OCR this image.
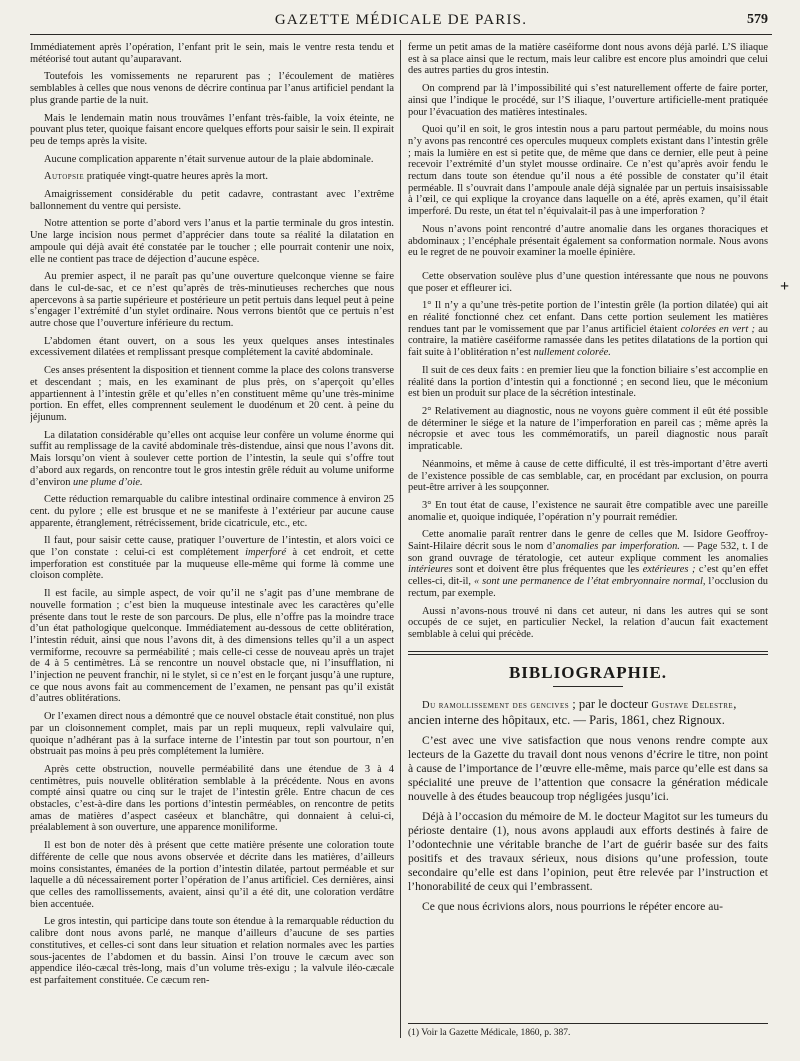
GAZETTE MÉDICALE DE PARIS.	579

Immédiatement après l’opération, l’enfant prit le sein, mais le ventre resta tendu et météorisé tout autant qu’auparavant.

Toutefois les vomissements ne reparurent pas ; l’écoulement de matières semblables à celles que nous venons de décrire continua par l’anus artificiel pendant la plus grande partie de la nuit.

Mais le lendemain matin nous trouvâmes l’enfant très-faible, la voix éteinte, ne pouvant plus teter, quoique faisant encore quelques efforts pour saisir le sein. Il expirait peu de temps après la visite.

Aucune complication apparente n’était survenue autour de la plaie abdominale.

Autopsie pratiquée vingt-quatre heures après la mort.

Amaigrissement considérable du petit cadavre, contrastant avec l’extrême ballonnement du ventre qui persiste.

Notre attention se porte d’abord vers l’anus et la partie terminale du gros intestin. Une large incision nous permet d’apprécier dans toute sa réalité la dilatation en ampoule qui déjà avait été constatée par le toucher ; elle pourrait contenir une noix, elle ne contient pas trace de déjection d’aucune espèce.

Au premier aspect, il ne paraît pas qu’une ouverture quelconque vienne se faire dans le cul-de-sac, et ce n’est qu’après de très-minutieuses recherches que nous apercevons à sa partie supérieure et postérieure un petit pertuis dans lequel peut à peine s’engager l’extrémité d’un stylet ordinaire. Nous verrons bientôt que ce pertuis n’est autre chose que l’ouverture inférieure du rectum.

L’abdomen étant ouvert, on a sous les yeux quelques anses intestinales excessivement dilatées et remplissant presque complétement la cavité abdominale.

Ces anses présentent la disposition et tiennent comme la place des colons transverse et descendant ; mais, en les examinant de plus près, on s’aperçoit qu’elles appartiennent à l’intestin grêle et qu’elles n’en constituent même qu’une très-minime portion. En effet, elles comprennent seulement le duodénum et 20 cent. à peine du jéjunum.

La dilatation considérable qu’elles ont acquise leur confère un volume énorme qui suffit au remplissage de la cavité abdominale très-distendue, ainsi que nous l’avons dit. Mais lorsqu’on vient à soulever cette portion de l’intestin, la seule qui s’offre tout d’abord aux regards, on rencontre tout le gros intestin grêle réduit au volume uniforme d’environ une plume d’oie.

Cette réduction remarquable du calibre intestinal ordinaire commence à environ 25 cent. du pylore ; elle est brusque et ne se manifeste à l’extérieur par aucune cause apparente, étranglement, rétrécissement, bride cicatricule, etc., etc.

Il faut, pour saisir cette cause, pratiquer l’ouverture de l’intestin, et alors voici ce que l’on constate : celui-ci est complétement imperforé à cet endroit, et cette imperforation est constituée par la muqueuse elle-même qui forme là comme une cloison complète.

Il est facile, au simple aspect, de voir qu’il ne s’agit pas d’une membrane de nouvelle formation ; c’est bien la muqueuse intestinale avec les caractères qu’elle présente dans tout le reste de son parcours. De plus, elle n’offre pas la moindre trace d’un état pathologique quelconque. Immédiatement au-dessous de cette oblitération, l’intestin réduit, ainsi que nous l’avons dit, à des dimensions telles qu’il a un aspect vermiforme, recouvre sa perméabilité ; mais celle-ci cesse de nouveau après un trajet de 4 à 5 centimètres. Là se rencontre un nouvel obstacle que, ni l’insufflation, ni l’injection ne peuvent franchir, ni le stylet, si ce n’est en le forçant jusqu’à une rupture, ce que nous avons fait au commencement de l’examen, ne pensant pas qu’il existât d’autres oblitérations.

Or l’examen direct nous a démontré que ce nouvel obstacle était constitué, non plus par un cloisonnement complet, mais par un repli muqueux, repli valvulaire qui, quoique n’adhérant pas à la surface interne de l’intestin par tout son pourtour, n’en obstruait pas moins à peu près complétement la lumière.

Après cette obstruction, nouvelle perméabilité dans une étendue de 3 à 4 centimètres, puis nouvelle oblitération semblable à la précédente. Nous en avons compté ainsi quatre ou cinq sur le trajet de l’intestin grêle. Entre chacun de ces obstacles, c’est-à-dire dans les portions d’intestin perméables, on rencontre de petits amas de matières d’aspect caséeux et blanchâtre, qui donnaient à celui-ci, préalablement à son ouverture, une apparence moniliforme.

Il est bon de noter dès à présent que cette matière présente une coloration toute différente de celle que nous avons observée et décrite dans les matières, d’ailleurs moins consistantes, émanées de la portion d’intestin dilatée, partout perméable et sur laquelle a dû nécessairement porter l’opération de l’anus artificiel. Ces dernières, ainsi que celles des ramollissements, avaient, ainsi qu’il a été dit, une coloration verdâtre bien accentuée.

Le gros intestin, qui participe dans toute son étendue à la remarquable réduction du calibre dont nous avons parlé, ne manque d’ailleurs d’aucune de ses parties constitutives, et celles-ci sont dans leur situation et relation normales avec les parties sous-jacentes de l’abdomen et du bassin. Ainsi l’on trouve le cæcum avec son appendice iléo-cæcal très-long, mais d’un volume très-exigu ; la valvule iléo-cæcale est parfaitement constituée. Ce cæcum ren-

ferme un petit amas de la matière caséiforme dont nous avons déjà parlé. L’S iliaque est à sa place ainsi que le rectum, mais leur calibre est encore plus amoindri que celui des autres parties du gros intestin.

On comprend par là l’impossibilité qui s’est naturellement offerte de faire porter, ainsi que l’indique le procédé, sur l’S iliaque, l’ouverture artificielle-ment pratiquée pour l’évacuation des matières intestinales.

Quoi qu’il en soit, le gros intestin nous a paru partout perméable, du moins nous n’y avons pas rencontré ces opercules muqueux complets existant dans l’intestin grêle ; mais la lumière en est si petite que, de même que dans ce dernier, elle peut à peine recevoir l’extrémité d’un stylet mousse ordinaire. Ce n’est qu’après avoir fendu le rectum dans toute son étendue qu’il nous a été possible de constater qu’il était perméable. Il s’ouvrait dans l’ampoule anale déjà signalée par un pertuis insaisissable à l’œil, ce qui explique la croyance dans laquelle on a été, après examen, qu’il était imperforé. Du reste, un état tel n’équivalait-il pas à une imperforation ?

Nous n’avons point rencontré d’autre anomalie dans les organes thoraciques et abdominaux ; l’encéphale présentait également sa conformation normale. Nous avons eu le regret de ne pouvoir examiner la moelle épinière.

Cette observation soulève plus d’une question intéressante que nous ne pouvons que poser et effleurer ici.

1° Il n’y a qu’une très-petite portion de l’intestin grêle (la portion dilatée) qui ait en réalité fonctionné chez cet enfant. Dans cette portion seulement les matières rendues tant par le vomissement que par l’anus artificiel étaient colorées en vert ; au contraire, la matière caséiforme ramassée dans les petites dilatations de la portion qui fait suite à l’oblitération n’est nullement colorée.

Il suit de ces deux faits : en premier lieu que la fonction biliaire s’est accomplie en réalité dans la portion d’intestin qui a fonctionné ; en second lieu, que le méconium est bien un produit sur place de la sécrétion intestinale.

2° Relativement au diagnostic, nous ne voyons guère comment il eût été possible de déterminer le siége et la nature de l’imperforation en pareil cas ; même après la nécropsie et avec tous les commémoratifs, un pareil diagnostic nous paraît impraticable.

Néanmoins, et même à cause de cette difficulté, il est très-important d’être averti de l’existence possible de cas semblable, car, en procédant par exclusion, on pourra peut-être arriver à les soupçonner.

3° En tout état de cause, l’existence ne saurait être compatible avec une pareille anomalie et, quoique indiquée, l’opération n’y pourrait remédier.

Cette anomalie paraît rentrer dans le genre de celles que M. Isidore Geoffroy-Saint-Hilaire décrit sous le nom d’anomalies par imperforation. — Page 532, t. I de son grand ouvrage de tératologie, cet auteur explique comment les anomalies intérieures sont et doivent être plus fréquentes que les extérieures ; c’est qu’en effet celles-ci, dit-il, « sont une permanence de l’état embryonnaire normal, l’occlusion du rectum, par exemple.

Aussi n’avons-nous trouvé ni dans cet auteur, ni dans les autres qui se sont occupés de ce sujet, en particulier Neckel, la relation d’aucun fait exactement semblable à celui qui précède.

BIBLIOGRAPHIE.

Du ramollissement des gencives ; par le docteur Gustave Delestre, ancien interne des hôpitaux, etc. — Paris, 1861, chez Rignoux.

C’est avec une vive satisfaction que nous venons rendre compte aux lecteurs de la Gazette du travail dont nous venons d’écrire le titre, non point à cause de l’importance de l’œuvre elle-même, mais parce qu’elle est dans sa spécialité une preuve de l’attention que consacre la génération médicale nouvelle à des études beaucoup trop négligées jusqu’ici.

Déjà à l’occasion du mémoire de M. le docteur Magitot sur les tumeurs du périoste dentaire (1), nous avons applaudi aux efforts destinés à faire de l’odontechnie une véritable branche de l’art de guérir basée sur des faits positifs et des travaux sérieux, nous disions qu’une profession, toute secondaire qu’elle est dans l’opinion, peut être relevée par l’instruction et l’honorabilité de ceux qui l’embrassent.

Ce que nous écrivions alors, nous pourrions le répéter encore au-

(1) Voir la Gazette Médicale, 1860, p. 387.
+
